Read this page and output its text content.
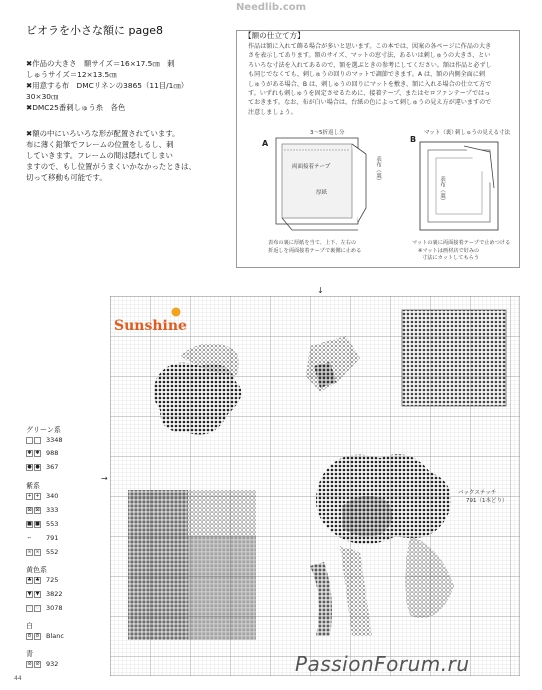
Needlib.com
ビオラを小さな額に page8
✖作品の大きさ　額サイズ＝16×17.5㎝　刺
しゅうサイズ＝12×13.5㎝
✖用意する布　DMCリネンの3865（11目/1㎝）
30×30㎝
✖DMC25番刺しゅう糸　各色
✖額の中にいろいろな形が配置されています。
布に薄く鉛筆でフレームの位置をしるし、刺
していきます。フレームの間は隠れてしまい
ますので、もし位置がうまくいかなかったときは、
切って移動も可能です。
【額の仕立て方】
作品は額に入れて飾る場合が多いと思います。この本では、図案の各ページに作品の大き
さを表示してあります。額のサイズ、マットの窓寸法、あるいは刺しゅうの大きさ、とい
ろいろな寸法を入れてあるので、額を選ぶときの参考にしてください。額は作品と必ずし
も同じでなくても、刺しゅうの回りのマットで調節できます。A は、額の内側全面に刺
しゅうがある場合、B は、刺しゅうの回りにマットを敷き、額に入れる場合の仕立て方で
す。いずれも刺しゅうを固定させるために、接着テープ、またはセロファンテープではっ
ておきます。なお、布が白い場合は、台紙の色によって刺しゅうの見え方が違いますので
注意しましょう。
A
3～5折返し分
両面接着テープ
厚紙
表布（裏）
表布の裏に厚紙を当て、上下、左右の
折返しを両面接着テープで裏側に止める
B
マット（裏）
刺しゅうの見える寸法
表布（裏）
マットの裏に両面接着テープで止めつける
※マットは画材店で好みの
寸法にカットしてもらう
↓
→
Sunshine
バックステッチ
791（1本どり）
グリーン系
3348
✱ ✱ 988
● ● 367
紫系
+ + 340
⊠ ⊠ 333
■ ■ 553
⌐ 791
∞ ∞ 552
黄色系
♣ ♣ 725
▼ ▼ 3822
♡ ♡ 3078
白
8 8 Blanc
青
⊘ ⊘ 932
44
PassionForum.ru
